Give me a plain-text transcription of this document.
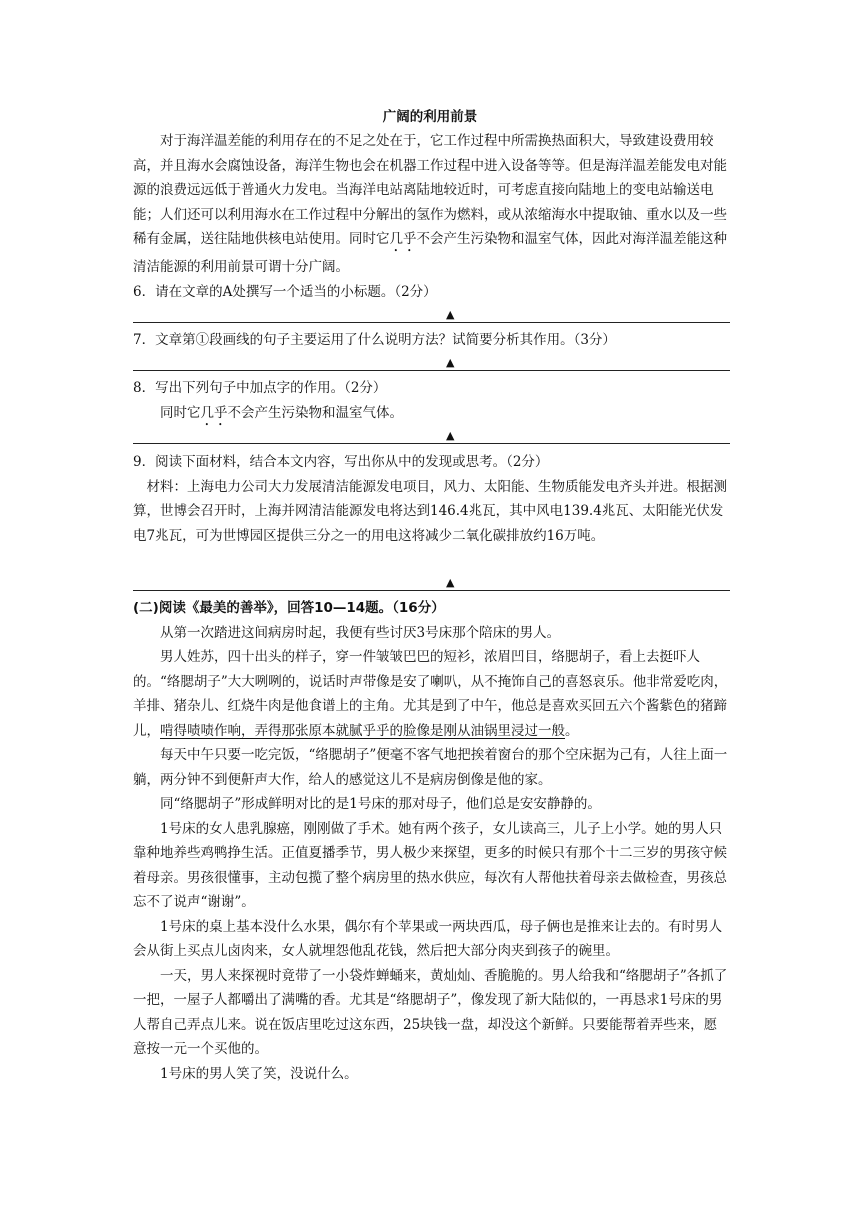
广阔的利用前景

对于海洋温差能的利用存在的不足之处在于，它工作过程中所需换热面积大，导致建设费用较高，并且海水会腐蚀设备，海洋生物也会在机器工作过程中进入设备等等。但是海洋温差能发电对能源的浪费远远低于普通火力发电。当海洋电站离陆地较近时，可考虑直接向陆地上的变电站输送电能；人们还可以利用海水在工作过程中分解出的氢作为燃料，或从浓缩海水中提取铀、重水以及一些稀有金属，送往陆地供核电站使用。同时它几乎不会产生污染物和温室气体，因此对海洋温差能这种清洁能源的利用前景可谓十分广阔。

6．请在文章的A处撰写一个适当的小标题。（2分）

▲

7．文章第①段画线的句子主要运用了什么说明方法？试简要分析其作用。（3分）

▲

8．写出下列句子中加点字的作用。（2分）

同时它几乎不会产生污染物和温室气体。

▲

9．阅读下面材料，结合本文内容，写出你从中的发现或思考。（2分）

材料：上海电力公司大力发展清洁能源发电项目，风力、太阳能、生物质能发电齐头并进。根据测算，世博会召开时，上海并网清洁能源发电将达到146.4兆瓦，其中风电139.4兆瓦、太阳能光伏发电7兆瓦，可为世博园区提供三分之一的用电这将减少二氧化碳排放约16万吨。

▲

(二)阅读《最美的善举》，回答10—14题。（16分）

从第一次踏进这间病房时起，我便有些讨厌3号床那个陪床的男人。

男人姓苏，四十出头的样子，穿一件皱皱巴巴的短衫，浓眉凹目，络腮胡子，看上去挺吓人的。“络腮胡子”大大咧咧的，说话时声带像是安了喇叭，从不掩饰自己的喜怒哀乐。他非常爱吃肉，羊排、猪杂儿、红烧牛肉是他食谱上的主角。尤其是到了中午，他总是喜欢买回五六个酱紫色的猪蹄儿，啃得啧啧作响，弄得那张原本就腻乎乎的脸像是刚从油锅里浸过一般。

每天中午只要一吃完饭，“络腮胡子”便毫不客气地把挨着窗台的那个空床据为己有，人往上面一躺，两分钟不到便鼾声大作，给人的感觉这儿不是病房倒像是他的家。

同“络腮胡子”形成鲜明对比的是1号床的那对母子，他们总是安安静静的。

1号床的女人患乳腺癌，刚刚做了手术。她有两个孩子，女儿读高三，儿子上小学。她的男人只靠种地养些鸡鸭挣生活。正值夏播季节，男人极少来探望，更多的时候只有那个十二三岁的男孩守候着母亲。男孩很懂事，主动包揽了整个病房里的热水供应，每次有人帮他扶着母亲去做检查，男孩总忘不了说声“谢谢”。

1号床的桌上基本没什么水果，偶尔有个苹果或一两块西瓜，母子俩也是推来让去的。有时男人会从街上买点儿卤肉来，女人就埋怨他乱花钱，然后把大部分肉夹到孩子的碗里。

一天，男人来探视时竟带了一小袋炸蝉蛹来，黄灿灿、香脆脆的。男人给我和“络腮胡子”各抓了一把，一屋子人都嚼出了满嘴的香。尤其是“络腮胡子”，像发现了新大陆似的，一再恳求1号床的男人帮自己弄点儿来。说在饭店里吃过这东西，25块钱一盘，却没这个新鲜。只要能帮着弄些来，愿意按一元一个买他的。

1号床的男人笑了笑，没说什么。
